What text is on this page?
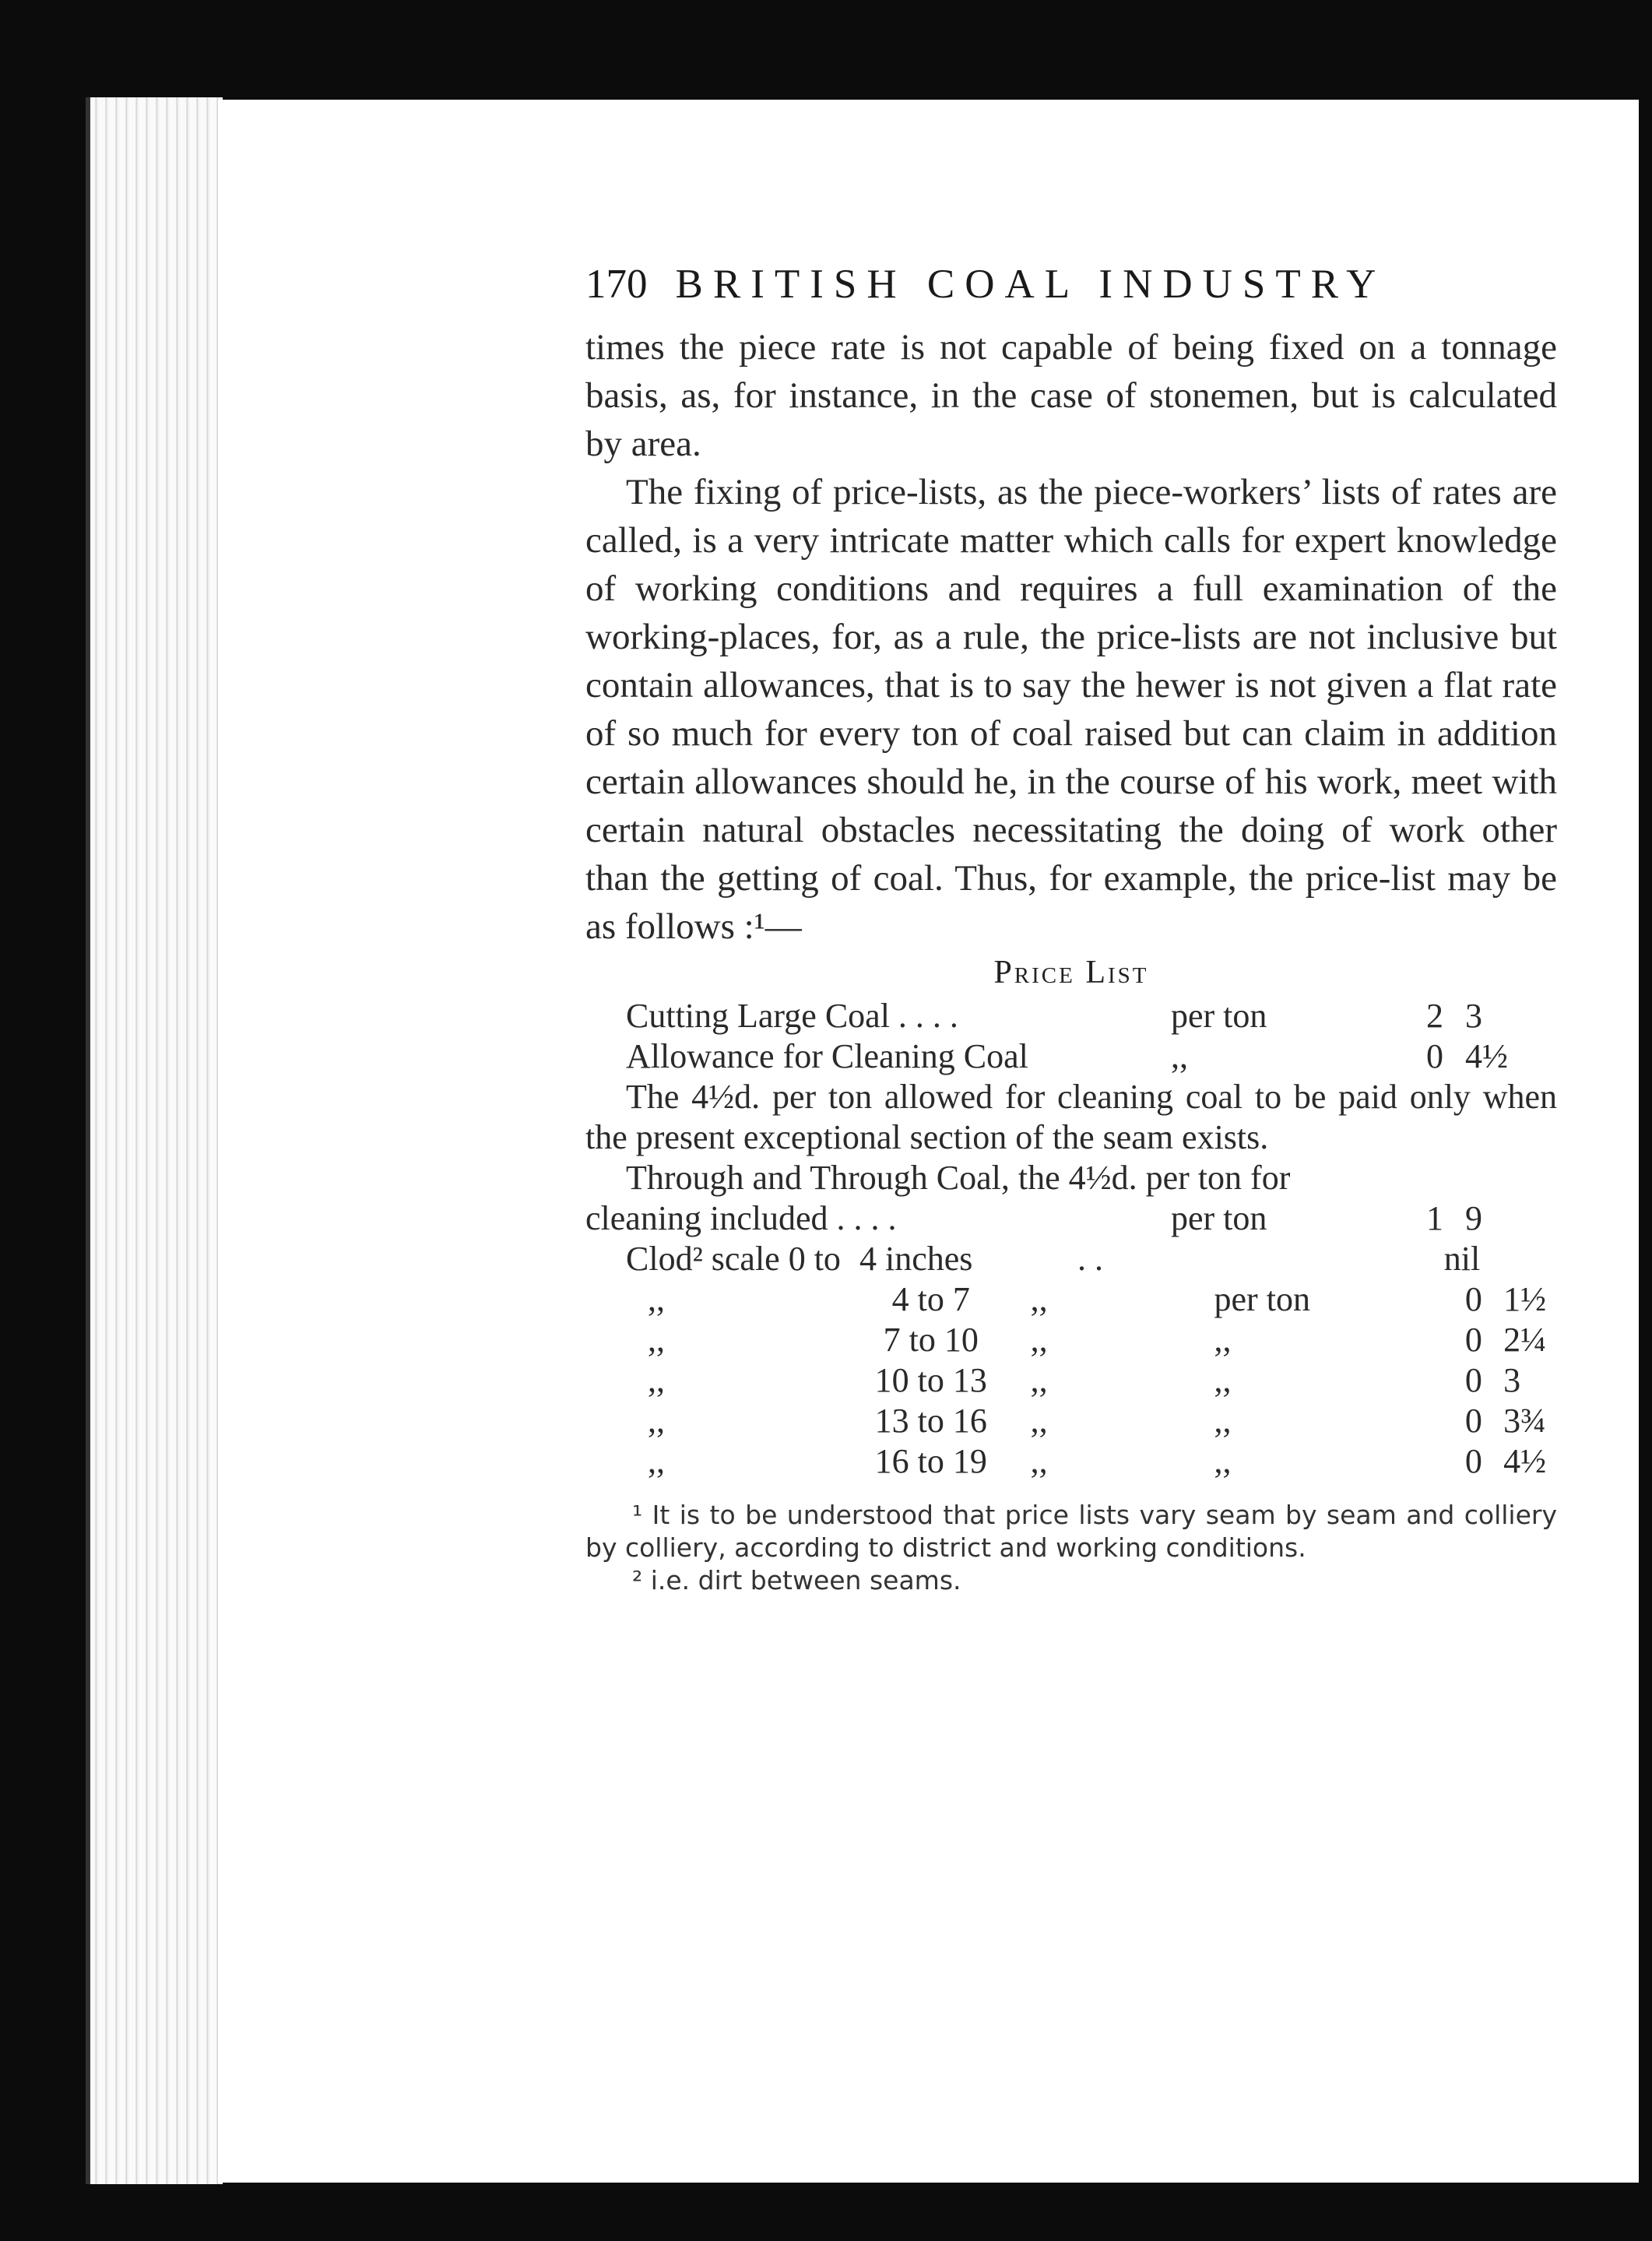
170 BRITISH COAL INDUSTRY

times the piece rate is not capable of being fixed on a tonnage basis, as, for instance, in the case of stonemen, but is calculated by area.

The fixing of price-lists, as the piece-workers’ lists of rates are called, is a very intricate matter which calls for expert knowledge of working conditions and requires a full examination of the working-places, for, as a rule, the price-lists are not inclusive but contain allowances, that is to say the hewer is not given a flat rate of so much for every ton of coal raised but can claim in addition certain allowances should he, in the course of his work, meet with certain natural obstacles necessitating the doing of work other than the getting of coal. Thus, for example, the price-list may be as follows :¹—

Price List
Cutting Large Coal . . . .	per ton	2 3
Allowance for Cleaning Coal	,,	0 4½

The 4½d. per ton allowed for cleaning coal to be paid only when the present exceptional section of the seam exists.

Through and Through Coal, the 4½d. per ton for

cleaning included . . . .	per ton	1 9
Clod² scale 0 to 4 inches	. .	nil
,,	4 to 7	,,	per ton	0 1½
,,	7 to 10	,,	,,	0 2¼
,,	10 to 13	,,	,,	0 3
,,	13 to 16	,,	,,	0 3¾
,,	16 to 19	,,	,,	0 4½

¹ It is to be understood that price lists vary seam by seam and colliery by colliery, according to district and working conditions.

² i.e. dirt between seams.
